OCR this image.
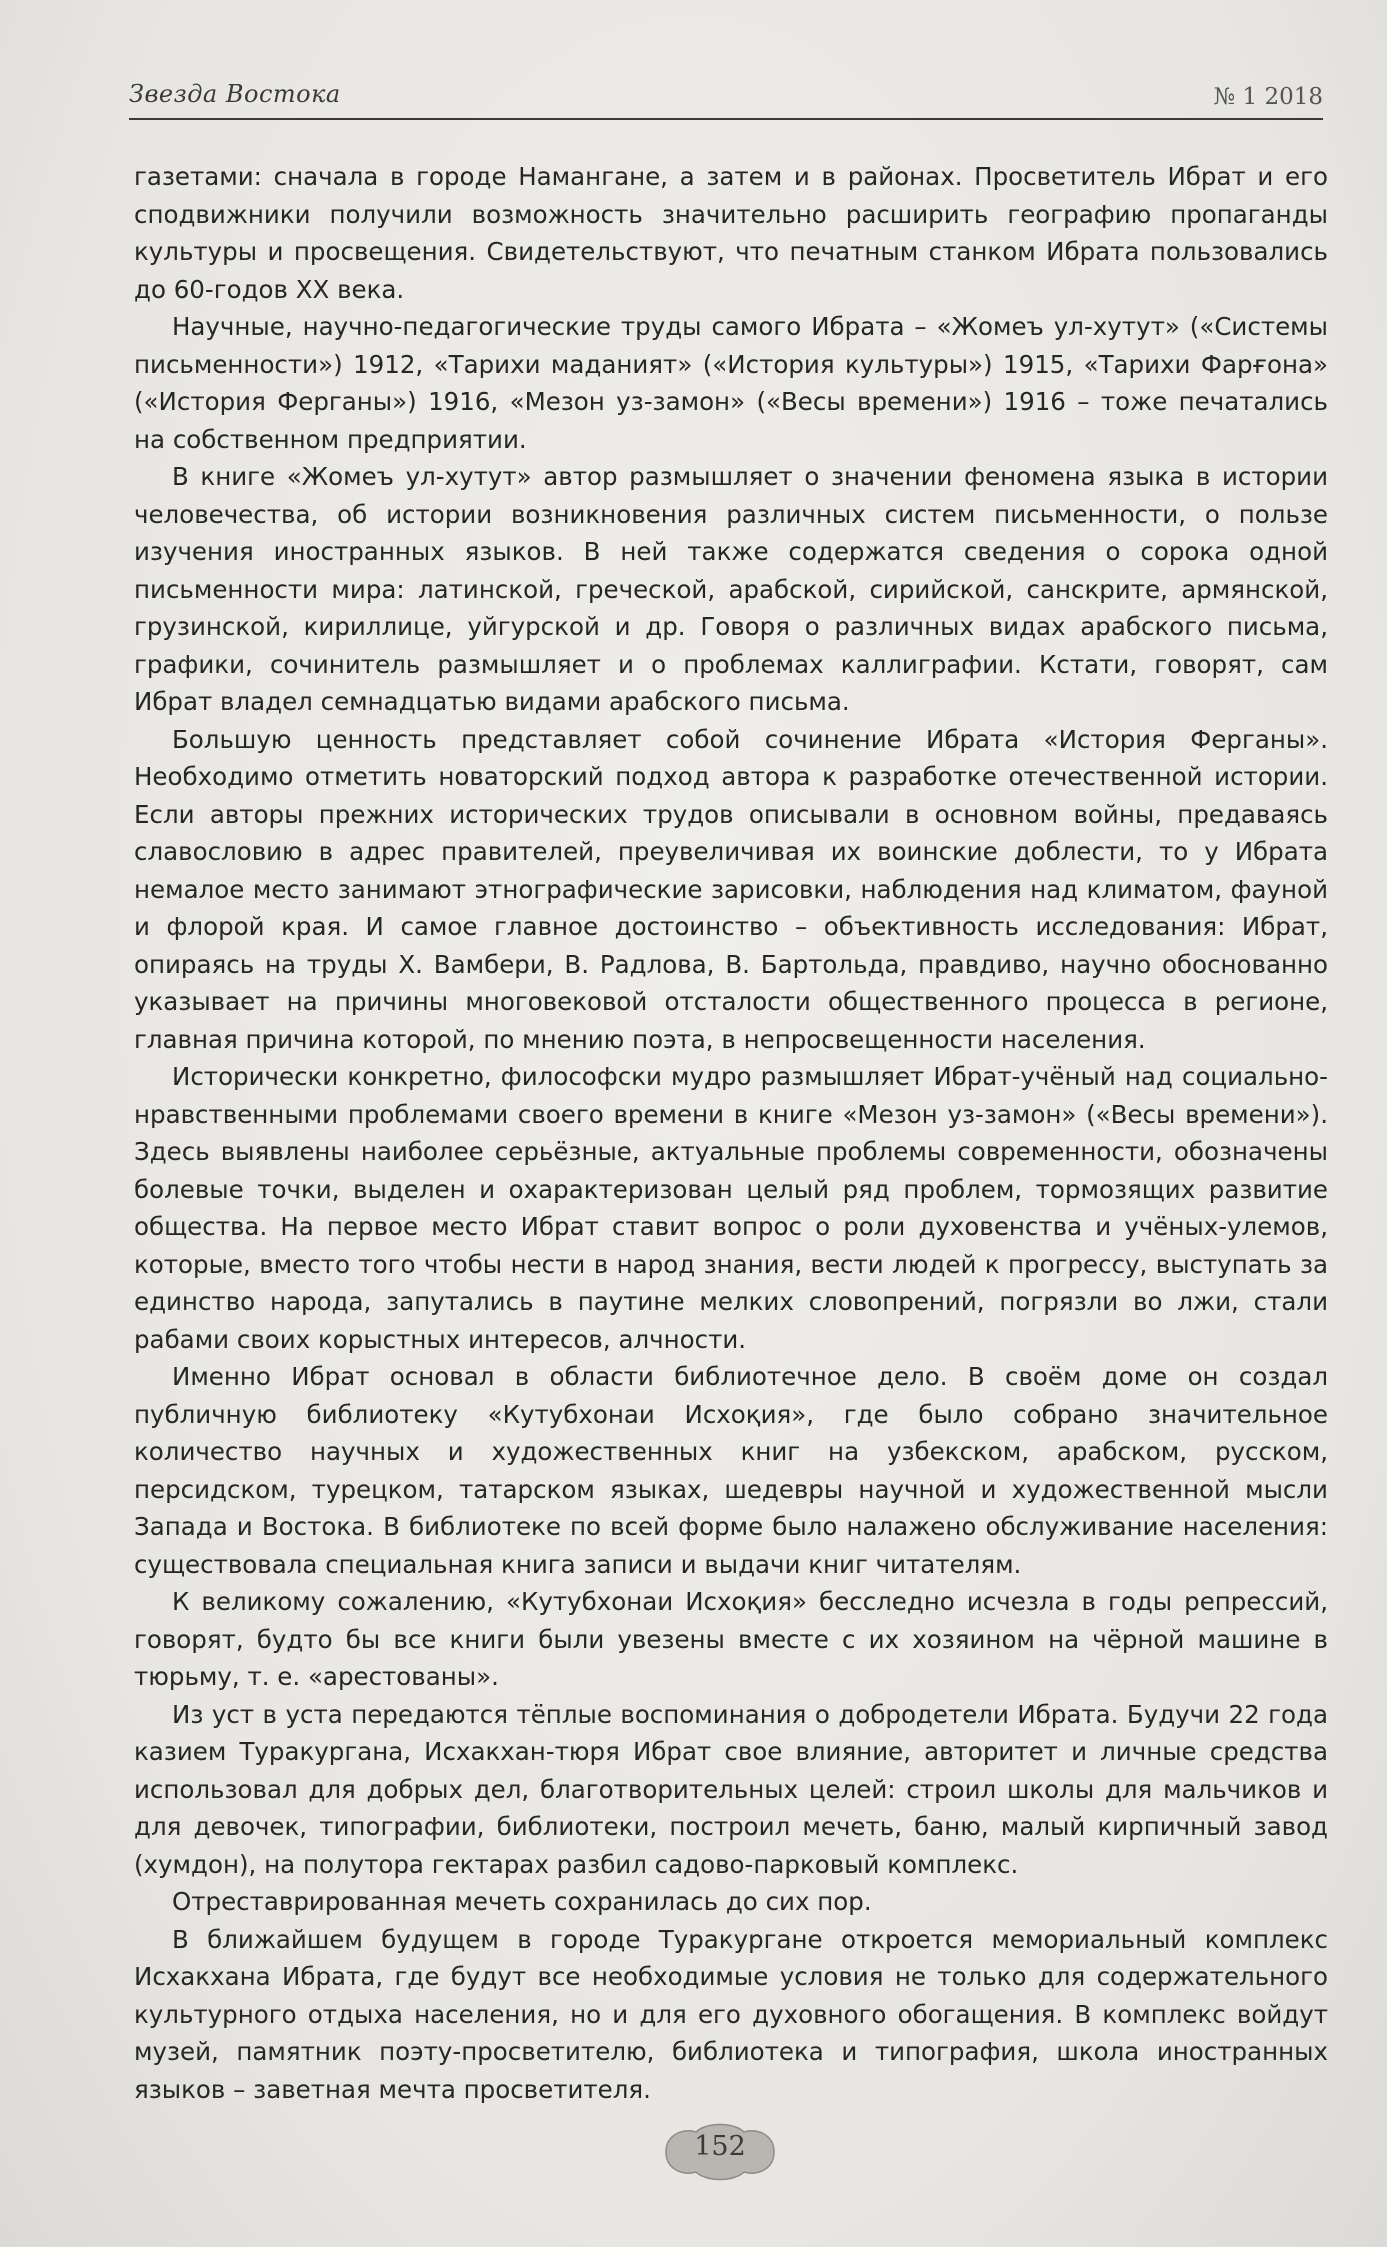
Звезда Востока	№ 1 2018

газетами: сначала в городе Намангане, а затем и в районах. Просветитель Ибрат и его сподвижники получили возможность значительно расширить географию пропаганды культуры и просвещения. Свидетельствуют, что печатным станком Ибрата пользовались до 60-годов XX века.

Научные, научно-педагогические труды самого Ибрата – «Жомеъ ул-хутут» («Системы письменности») 1912, «Тарихи маданият» («История культуры») 1915, «Тарихи Фарғона» («История Ферганы») 1916, «Мезон уз-замон» («Весы времени») 1916 – тоже печатались на собственном предприятии.

В книге «Жомеъ ул-хутут» автор размышляет о значении феномена языка в истории человечества, об истории возникновения различных систем письменности, о пользе изучения иностранных языков. В ней также содержатся сведения о сорока одной письменности мира: латинской, греческой, арабской, сирийской, санскрите, армянской, грузинской, кириллице, уйгурской и др. Говоря о различных видах арабского письма, графики, сочинитель размышляет и о проблемах каллиграфии. Кстати, говорят, сам Ибрат владел семнадцатью видами арабского письма.

Большую ценность представляет собой сочинение Ибрата «История Ферганы». Необходимо отметить новаторский подход автора к разработке отечественной истории. Если авторы прежних исторических трудов описывали в основном войны, предаваясь славословию в адрес правителей, преувеличивая их воинские доблести, то у Ибрата немалое место занимают этнографические зарисовки, наблюдения над климатом, фауной и флорой края. И самое главное достоинство – объективность исследования: Ибрат, опираясь на труды Х. Вамбери, В. Радлова, В. Бартольда, правдиво, научно обоснованно указывает на причины многовековой отсталости общественного процесса в регионе, главная причина которой, по мнению поэта, в непросвещенности населения.

Исторически конкретно, философски мудро размышляет Ибрат-учёный над социально-нравственными проблемами своего времени в книге «Мезон уз-замон» («Весы времени»). Здесь выявлены наиболее серьёзные, актуальные проблемы современности, обозначены болевые точки, выделен и охарактеризован целый ряд проблем, тормозящих развитие общества. На первое место Ибрат ставит вопрос о роли духовенства и учёных-улемов, которые, вместо того чтобы нести в народ знания, вести людей к прогрессу, выступать за единство народа, запутались в паутине мелких словопрений, погрязли во лжи, стали рабами своих корыстных интересов, алчности.

Именно Ибрат основал в области библиотечное дело. В своём доме он создал публичную библиотеку «Кутубхонаи Исхоқия», где было собрано значительное количество научных и художественных книг на узбекском, арабском, русском, персидском, турецком, татарском языках, шедевры научной и художественной мысли Запада и Востока. В библиотеке по всей форме было налажено обслуживание населения: существовала специальная книга записи и выдачи книг читателям.

К великому сожалению, «Кутубхонаи Исхоқия» бесследно исчезла в годы репрессий, говорят, будто бы все книги были увезены вместе с их хозяином на чёрной машине в тюрьму, т. е. «арестованы».

Из уст в уста передаются тёплые воспоминания о добродетели Ибрата. Будучи 22 года казием Туракургана, Исхакхан-тюря Ибрат свое влияние, авторитет и личные средства использовал для добрых дел, благотворительных целей: строил школы для мальчиков и для девочек, типографии, библиотеки, построил мечеть, баню, малый кирпичный завод (хумдон), на полутора гектарах разбил садово-парковый комплекс.

Отреставрированная мечеть сохранилась до сих пор.

В ближайшем будущем в городе Туракургане откроется мемориальный комплекс Исхакхана Ибрата, где будут все необходимые условия не только для содержательного культурного отдыха населения, но и для его духовного обогащения. В комплекс войдут музей, памятник поэту-просветителю, библиотека и типография, школа иностранных языков – заветная мечта просветителя.

152
